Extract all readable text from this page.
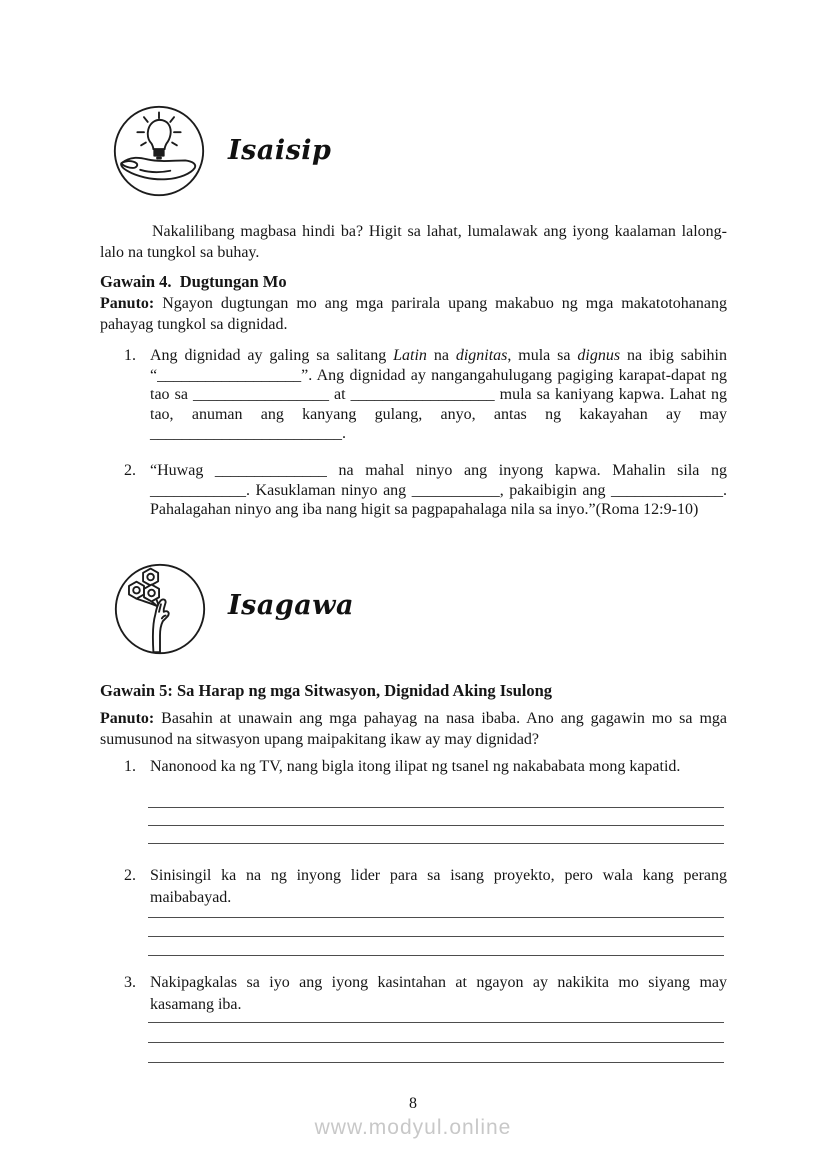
Isaisip
Nakalilibang magbasa hindi ba? Higit sa lahat, lumalawak ang iyong kaalaman lalong-lalo na tungkol sa buhay.
Gawain 4.  Dugtungan Mo
Panuto: Ngayon dugtungan mo ang mga parirala upang makabuo ng mga makatotohanang pahayag tungkol sa dignidad.
1. Ang dignidad ay galing sa salitang Latin na dignitas, mula sa dignus na ibig sabihin “__________________”. Ang dignidad ay nangangahulugang pagiging karapat-dapat ng tao sa _________________ at __________________ mula sa kaniyang kapwa. Lahat ng tao, anuman ang kanyang gulang, anyo, antas ng kakayahan ay may ________________________.
2. “Huwag ______________ na mahal ninyo ang inyong kapwa. Mahalin sila ng ____________. Kasuklaman ninyo ang ___________, pakaibigin ang ______________. Pahalagahan ninyo ang iba nang higit sa pagpapahalaga nila sa inyo.”(Roma 12:9-10)
Isagawa
Gawain 5: Sa Harap ng mga Sitwasyon, Dignidad Aking Isulong
Panuto: Basahin at unawain ang mga pahayag na nasa ibaba. Ano ang gagawin mo sa mga sumusunod na sitwasyon upang maipakitang ikaw ay may dignidad?
1. Nanonood ka ng TV, nang bigla itong ilipat ng tsanel ng nakababata mong kapatid.
2. Sinisingil ka na ng inyong lider para sa isang proyekto, pero wala kang perang maibabayad.
3. Nakipagkalas sa iyo ang iyong kasintahan at ngayon ay nakikita mo siyang may kasamang iba.
8
www.modyul.online
